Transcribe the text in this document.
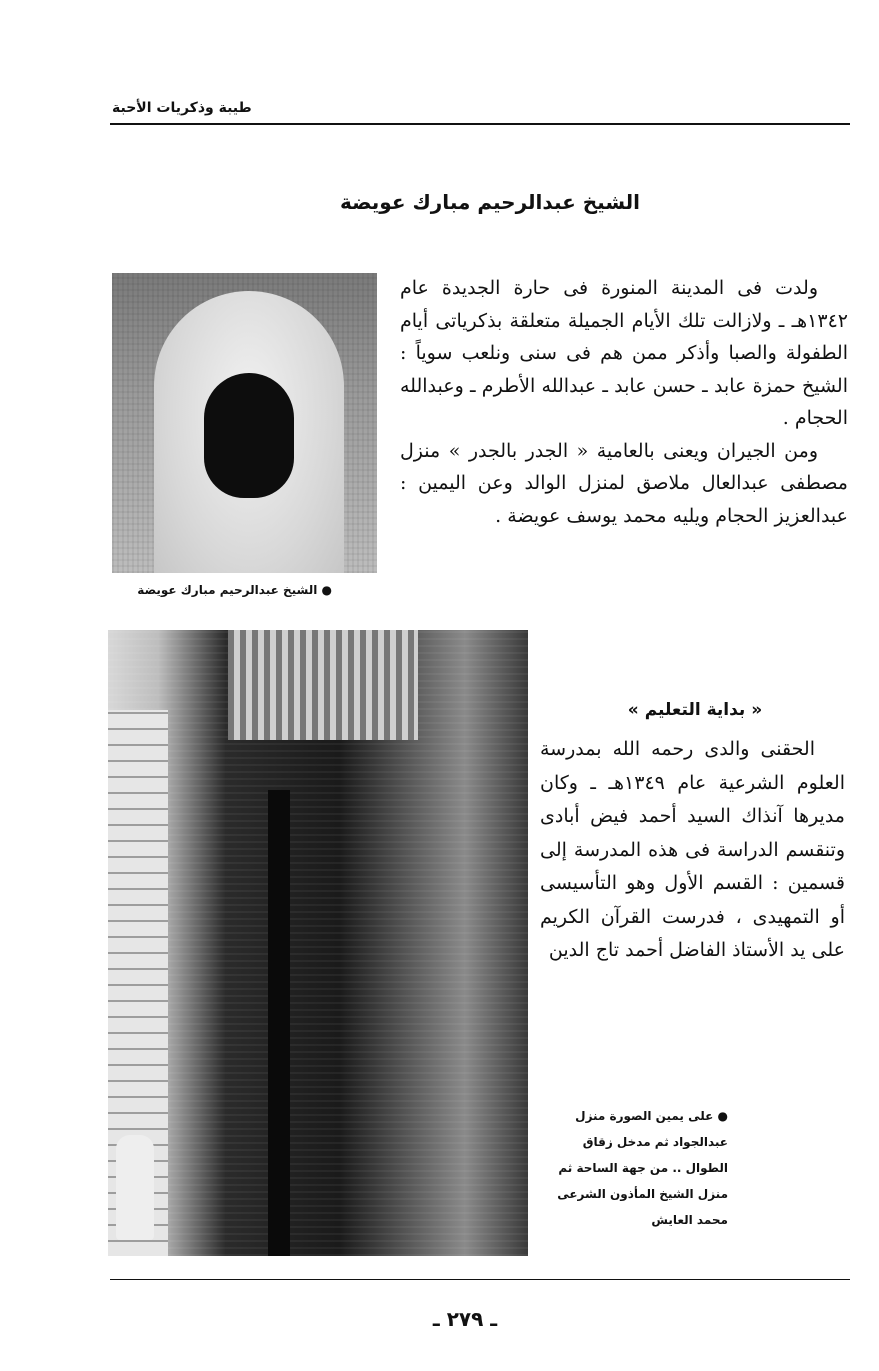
طيبة وذكريات الأحبة
الشيخ عبدالرحيم مبارك عويضة
● الشيخ عبدالرحيم مبارك عويضة

ولدت فى المدينة المنورة فى حارة الجديدة عام ١٣٤٢هـ ـ ولازالت تلك الأيام الجميلة متعلقة بذكرياتى أيام الطفولة والصبا وأذكر ممن هم فى سنى ونلعب سوياً : الشيخ حمزة عابد ـ حسن عابد ـ عبدالله الأطرم ـ وعبدالله الحجام .

ومن الجيران ويعنى بالعامية « الجدر بالجدر » منزل مصطفى عبدالعال ملاصق لمنزل الوالد وعن اليمين : عبدالعزيز الحجام ويليه محمد يوسف عويضة .

« بداية التعليم »

الحقنى والدى رحمه الله بمدرسة العلوم الشرعية عام ١٣٤٩هـ ـ وكان مديرها آنذاك السيد أحمد فيض أبادى وتنقسم الدراسة فى هذه المدرسة إلى قسمين : القسم الأول وهو التأسيسى أو التمهيدى ، فدرست القرآن الكريم على يد الأستاذ الفاضل أحمد تاج الدين

● على يمين الصورة منزل
عبدالجواد ثم مدخل زقاق
الطوال .. من جهة الساحة ثم
منزل الشيخ المأذون الشرعى
محمد العايش
ـ ٢٧٩ ـ
